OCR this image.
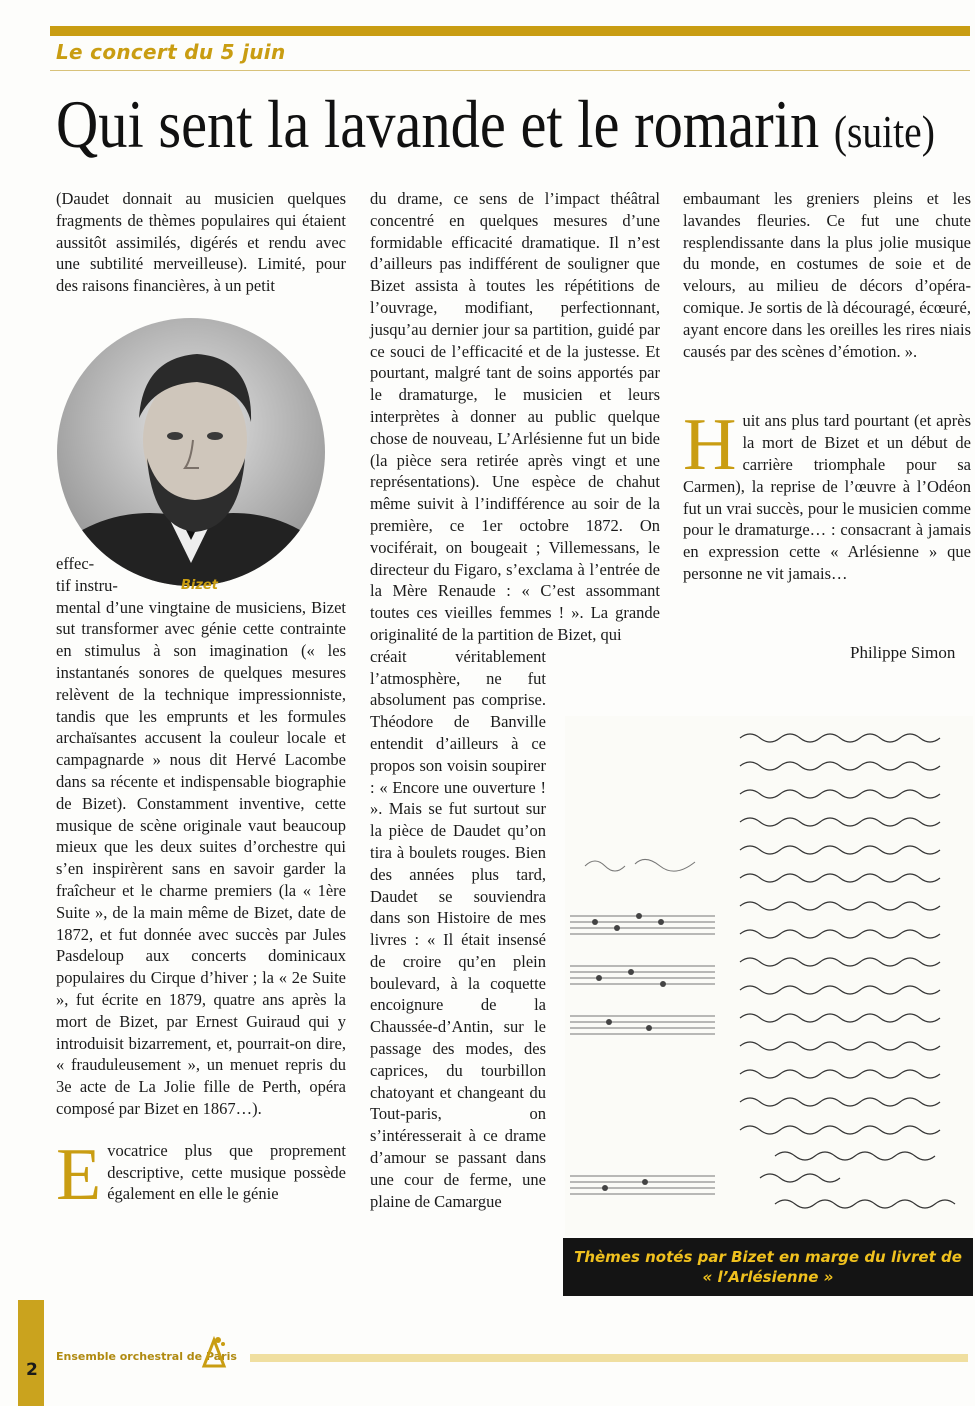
Le concert du 5 juin
Qui sent la lavande et le romarin (suite)

(Daudet donnait au musicien quelques fragments de thèmes populaires qui étaient aussitôt assimilés, digérés et rendu avec une subtilité merveilleuse). Limité, pour des raisons financières, à un petit

effec-

tif instru-

mental d’une vingtaine de musiciens, Bizet sut transformer avec génie cette contrainte en stimulus à son imagination (« les instantanés sonores de quelques mesures relèvent de la technique impressionniste, tandis que les emprunts et les formules archaïsantes accusent la couleur locale et campagnarde » nous dit Hervé Lacombe dans sa récente et indispensable biographie de Bizet). Constamment inventive, cette musique de scène originale vaut beaucoup mieux que les deux suites d’orchestre qui s’en inspirèrent sans en savoir garder la fraîcheur et le charme premiers (la « 1ère Suite », de la main même de Bizet, date de 1872, et fut donnée avec succès par Jules Pasdeloup aux concerts dominicaux populaires du Cirque d’hiver ; la « 2e Suite », fut écrite en 1879, quatre ans après la mort de Bizet, par Ernest Guiraud qui y introduisit bizarrement, et, pourrait-on dire, « frauduleusement », un menuet repris du 3e acte de La Jolie fille de Perth, opéra composé par Bizet en 1867…).

Evocatrice plus que proprement descriptive, cette musique possède également en elle le génie

Bizet

du drame, ce sens de l’impact théâtral concentré en quelques mesures d’une formidable efficacité dramatique. Il n’est d’ailleurs pas indifférent de souligner que Bizet assista à toutes les répétitions de l’ouvrage, modifiant, perfectionnant, jusqu’au dernier jour sa partition, guidé par ce souci de l’efficacité et de la justesse. Et pourtant, malgré tant de soins apportés par le dramaturge, le musicien et leurs interprètes à donner au public quelque chose de nouveau, L’Arlésienne fut un bide (la pièce sera retirée après vingt et une représentations). Une espèce de chahut même suivit à l’indifférence au soir de la première, ce 1er octobre 1872. On vociférait, on bougeait ; Villemessans, le directeur du Figaro, s’exclama à l’entrée de la Mère Renaude : « C’est assommant toutes ces vieilles femmes ! ». La grande originalité de la partition de Bizet, qui

créait véritablement l’atmosphère, ne fut absolument pas comprise. Théodore de Banville entendit d’ailleurs à ce propos son voisin soupirer : « Encore une ouverture ! ». Mais se fut surtout sur la pièce de Daudet qu’on tira à boulets rouges. Bien des années plus tard, Daudet se souviendra dans son Histoire de mes livres : « Il était insensé de croire qu’en plein boulevard, à la coquette encoignure de la Chaussée-d’Antin, sur le passage des modes, des caprices, du tourbillon chatoyant et changeant du Tout-paris, on s’intéresserait à ce drame d’amour se passant dans une cour de ferme, une plaine de Camargue

embaumant les greniers pleins et les lavandes fleuries. Ce fut une chute resplendissante dans la plus jolie musique du monde, en costumes de soie et de velours, au milieu de décors d’opéra-comique. Je sortis de là découragé, écœuré, ayant encore dans les oreilles les rires niais causés par des scènes d’émotion. ».

Huit ans plus tard pourtant (et après la mort de Bizet et un début de carrière triomphale pour sa Carmen), la reprise de l’œuvre à l’Odéon fut un vrai succès, pour le musicien comme pour le dramaturge… : consacrant à jamais en expression cette « Arlésienne » que personne ne vit jamais…

Philippe Simon
Thèmes notés par Bizet en marge du livret de
« l’Arlésienne »
Ensemble orchestral de Paris
2
